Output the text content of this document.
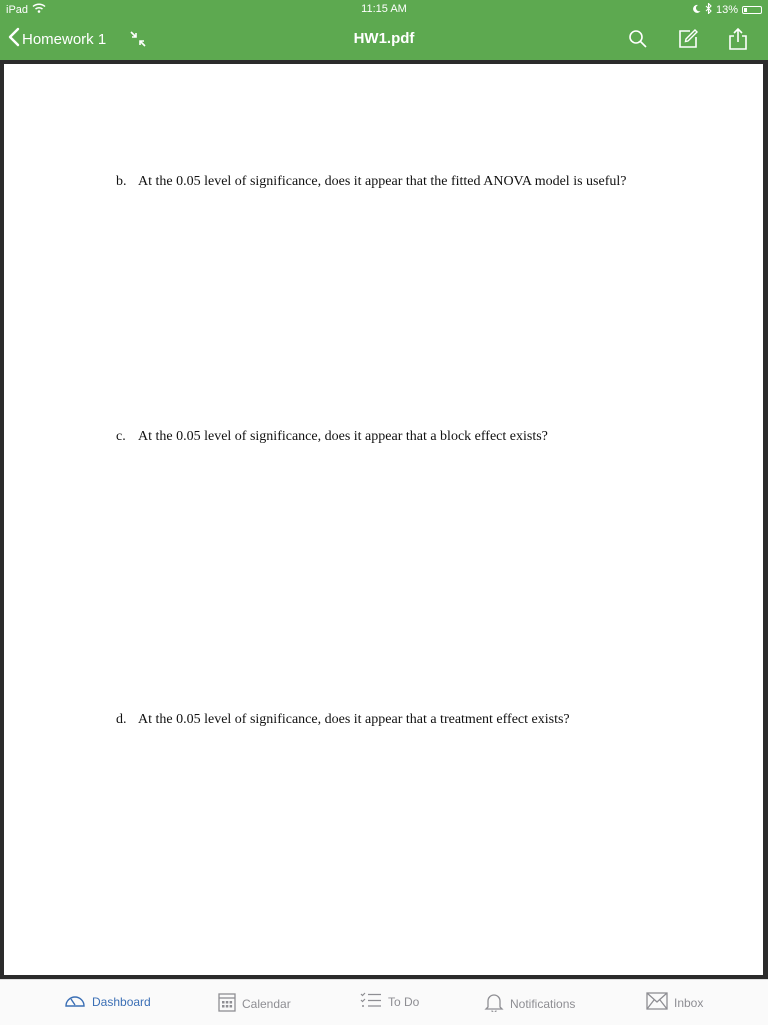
iPad	11:15 AM	13%
Homework 1	HW1.pdf
b. At the 0.05 level of significance, does it appear that the fitted ANOVA model is useful?
c. At the 0.05 level of significance, does it appear that a block effect exists?
d. At the 0.05 level of significance, does it appear that a treatment effect exists?
Dashboard	Calendar	To Do	Notifications	Inbox
